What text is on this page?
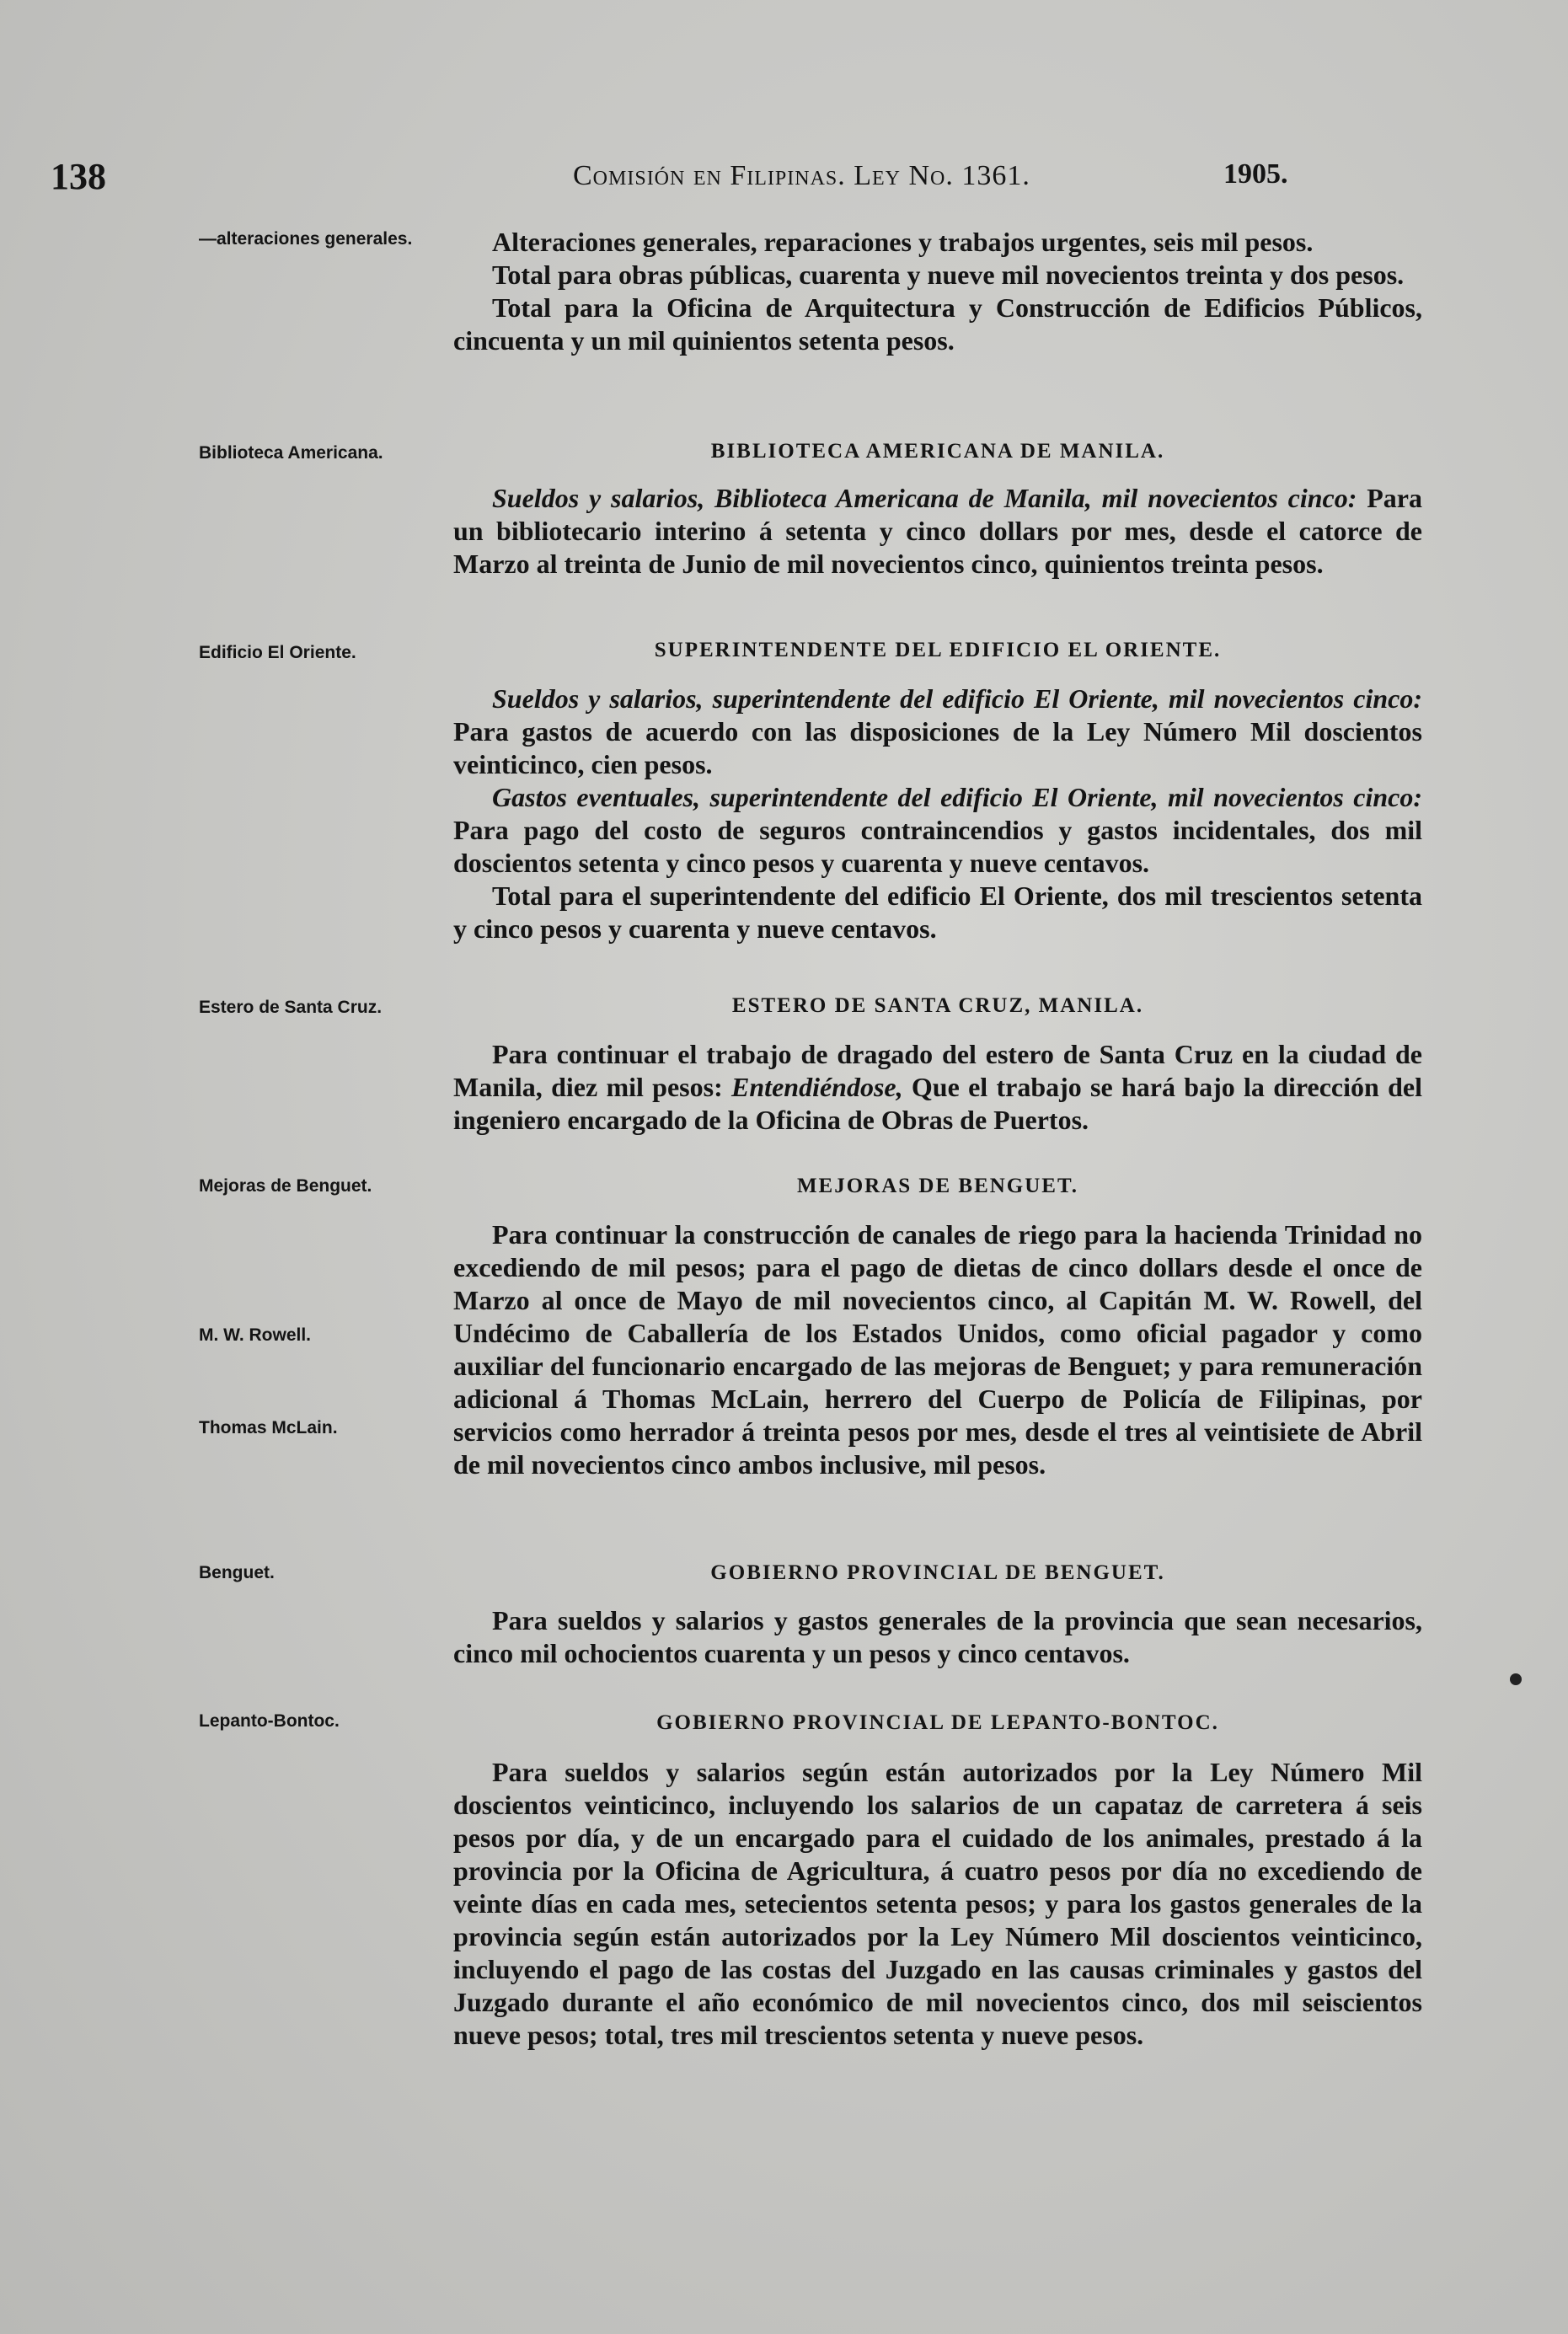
138	Comisión en Filipinas. Ley No. 1361.	1905.
—alteraciones generales.
Biblioteca Americana.
Edificio El Oriente.
Estero de Santa Cruz.
Mejoras de Benguet.
M. W. Rowell.
Thomas McLain.
Benguet.
Lepanto-Bontoc.

Alteraciones generales, reparaciones y trabajos urgentes, seis mil pesos.

Total para obras públicas, cuarenta y nueve mil novecientos treinta y dos pesos.

Total para la Oficina de Arquitectura y Construcción de Edificios Públicos, cincuenta y un mil quinientos setenta pesos.

BIBLIOTECA AMERICANA DE MANILA.

Sueldos y salarios, Biblioteca Americana de Manila, mil novecientos cinco: Para un bibliotecario interino á setenta y cinco dollars por mes, desde el catorce de Marzo al treinta de Junio de mil novecientos cinco, quinientos treinta pesos.

SUPERINTENDENTE DEL EDIFICIO EL ORIENTE.

Sueldos y salarios, superintendente del edificio El Oriente, mil novecientos cinco: Para gastos de acuerdo con las disposiciones de la Ley Número Mil doscientos veinticinco, cien pesos.

Gastos eventuales, superintendente del edificio El Oriente, mil novecientos cinco: Para pago del costo de seguros contraincendios y gastos incidentales, dos mil doscientos setenta y cinco pesos y cuarenta y nueve centavos.

Total para el superintendente del edificio El Oriente, dos mil trescientos setenta y cinco pesos y cuarenta y nueve centavos.

ESTERO DE SANTA CRUZ, MANILA.

Para continuar el trabajo de dragado del estero de Santa Cruz en la ciudad de Manila, diez mil pesos: Entendiéndose, Que el trabajo se hará bajo la dirección del ingeniero encargado de la Oficina de Obras de Puertos.

MEJORAS DE BENGUET.

Para continuar la construcción de canales de riego para la hacienda Trinidad no excediendo de mil pesos; para el pago de dietas de cinco dollars desde el once de Marzo al once de Mayo de mil novecientos cinco, al Capitán M. W. Rowell, del Undécimo de Caballería de los Estados Unidos, como oficial pagador y como auxiliar del funcionario encargado de las mejoras de Benguet; y para remuneración adicional á Thomas McLain, herrero del Cuerpo de Policía de Filipinas, por servicios como herrador á treinta pesos por mes, desde el tres al veintisiete de Abril de mil novecientos cinco ambos inclusive, mil pesos.

GOBIERNO PROVINCIAL DE BENGUET.

Para sueldos y salarios y gastos generales de la provincia que sean necesarios, cinco mil ochocientos cuarenta y un pesos y cinco centavos.

GOBIERNO PROVINCIAL DE LEPANTO-BONTOC.

Para sueldos y salarios según están autorizados por la Ley Número Mil doscientos veinticinco, incluyendo los salarios de un capataz de carretera á seis pesos por día, y de un encargado para el cuidado de los animales, prestado á la provincia por la Oficina de Agricultura, á cuatro pesos por día no excediendo de veinte días en cada mes, setecientos setenta pesos; y para los gastos generales de la provincia según están autorizados por la Ley Número Mil doscientos veinticinco, incluyendo el pago de las costas del Juzgado en las causas criminales y gastos del Juzgado durante el año económico de mil novecientos cinco, dos mil seiscientos nueve pesos; total, tres mil trescientos setenta y nueve pesos.
